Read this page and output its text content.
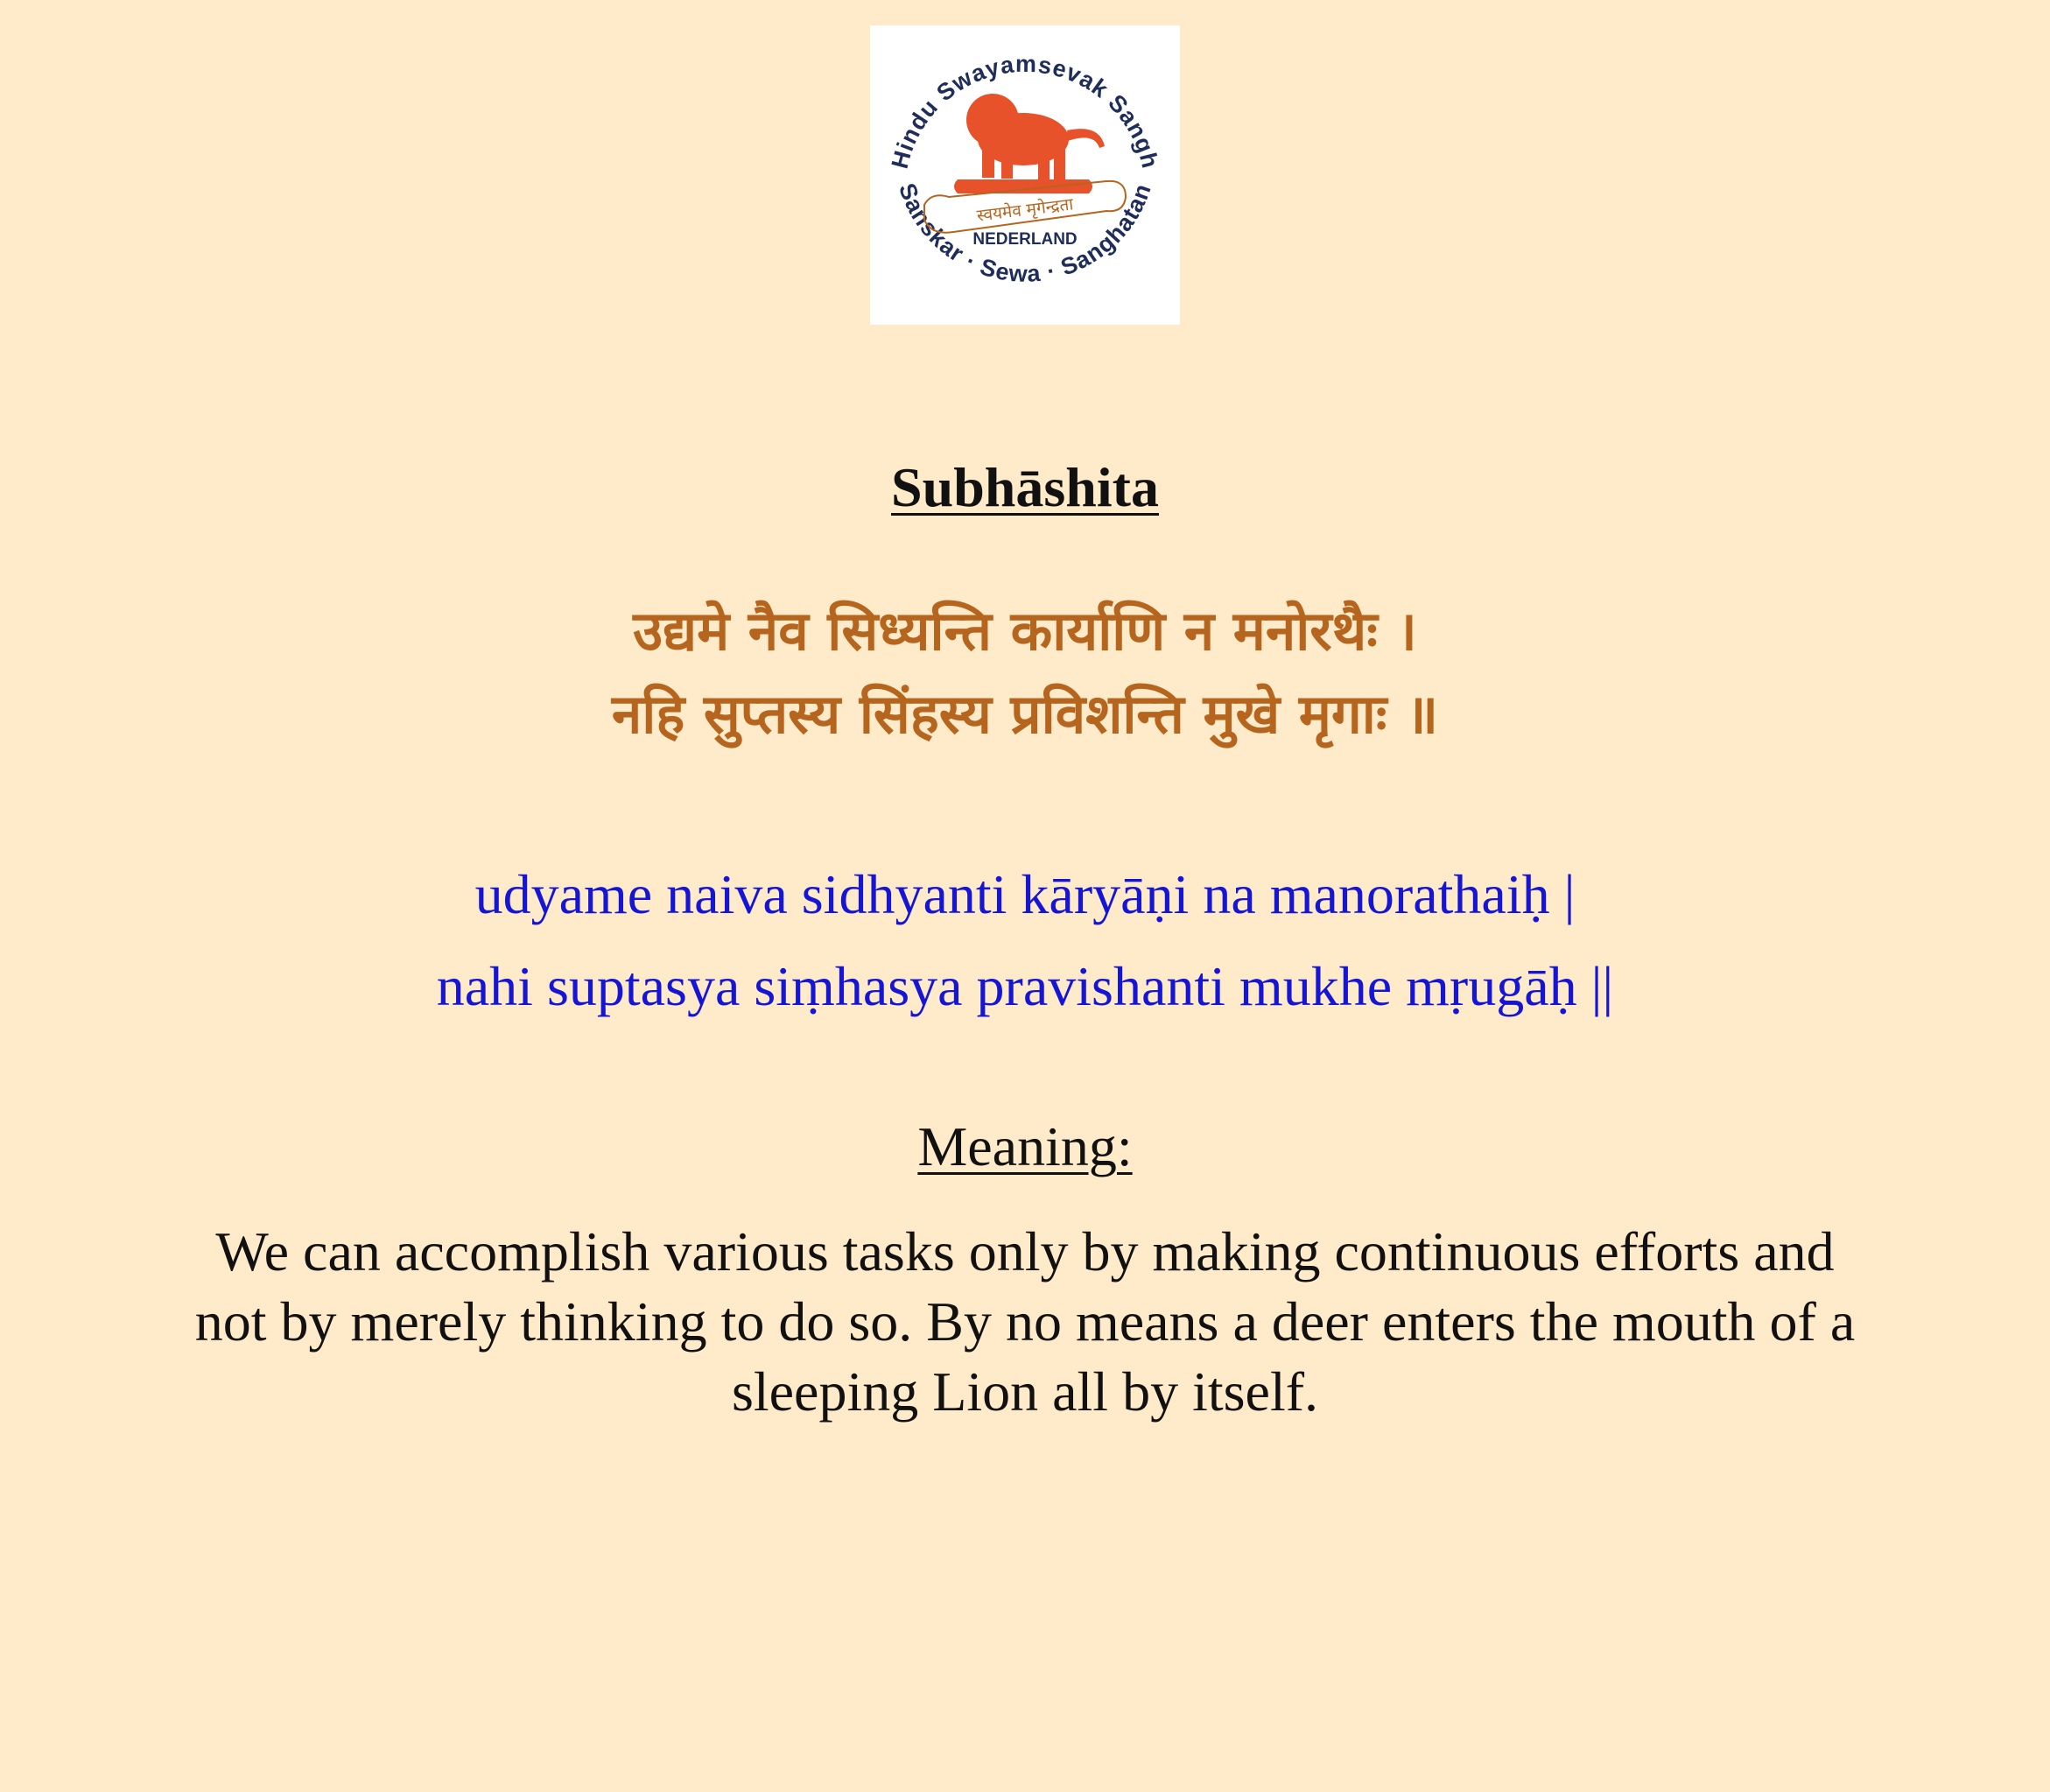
Hindu Swayamsevak Sangh
Sanskar · Sewa · Sanghatan
स्वयमेव मृगेन्द्रता
NEDERLAND
Subhāshita
उद्यमे नैव सिध्यन्ति कार्याणि न मनोरथैः ।
नहि सुप्तस्य सिंहस्य प्रविशन्ति मुखे मृगाः ॥
udyame naiva sidhyanti kāryāṇi na manorathaiḥ |
nahi suptasya siṃhasya pravishanti mukhe mṛugāḥ ||
Meaning:
We can accomplish various tasks only by making continuous efforts and not by merely thinking to do so. By no means a deer enters the mouth of a sleeping Lion all by itself.
